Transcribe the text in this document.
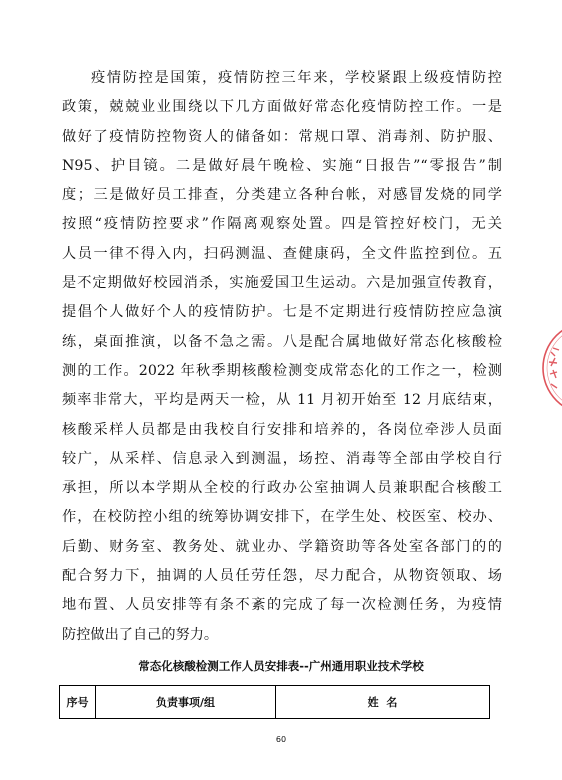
疫情防控是国策，疫情防控三年来，学校紧跟上级疫情防控
政策，兢兢业业围绕以下几方面做好常态化疫情防控工作。一是
做好了疫情防控物资人的储备如：常规口罩、消毒剂、防护服、
N95、护目镜。二是做好晨午晚检、实施“日报告”“零报告”制
度；三是做好员工排查，分类建立各种台帐，对感冒发烧的同学
按照“疫情防控要求”作隔离观察处置。四是管控好校门，无关
人员一律不得入内，扫码测温、查健康码，全文件监控到位。五
是不定期做好校园消杀，实施爱国卫生运动。六是加强宣传教育，
提倡个人做好个人的疫情防护。七是不定期进行疫情防控应急演
练，桌面推演，以备不急之需。八是配合属地做好常态化核酸检
测的工作。2022 年秋季期核酸检测变成常态化的工作之一，检测
频率非常大，平均是两天一检，从 11 月初开始至 12 月底结束，
核酸采样人员都是由我校自行安排和培养的，各岗位牵涉人员面
较广，从采样、信息录入到测温，场控、消毒等全部由学校自行
承担，所以本学期从全校的行政办公室抽调人员兼职配合核酸工
作，在校防控小组的统筹协调安排下，在学生处、校医室、校办、
后勤、财务室、教务处、就业办、学籍资助等各处室各部门的的
配合努力下，抽调的人员任劳任怨，尽力配合，从物资领取、场
地布置、人员安排等有条不紊的完成了每一次检测任务，为疫情
防控做出了自己的努力。
常态化核酸检测工作人员安排表--广州通用职业技术学校
序号	负责事项/组	姓  名
60
